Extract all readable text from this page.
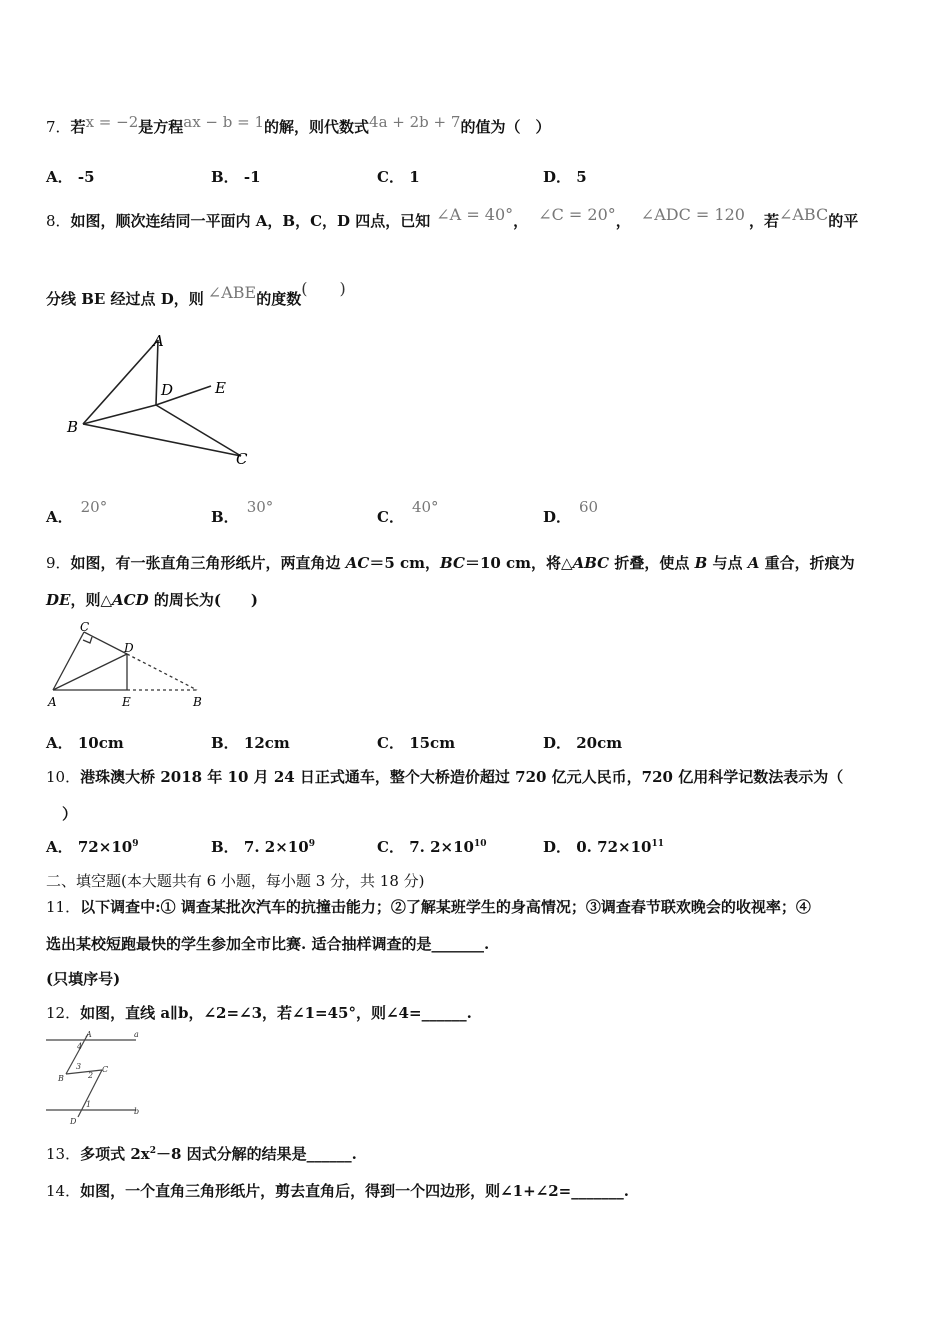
7．若x = −2是方程ax − b = 1的解，则代数式4a + 2b + 7的值为（　）
A． -5	B． -1	C． 1	D． 5
8．如图，顺次连结同一平面内 A，B，C，D 四点，已知 ∠A = 40°， ∠C = 20°， ∠ADC = 120 ，若∠ABC的平
分线 BE 经过点 D，则 ∠ABE的度数(　　)
A
B
C
D	E
A．20°
B．30°
C．40°
D．60
9．如图，有一张直角三角形纸片，两直角边 AC＝5 cm，BC＝10 cm，将△ABC 折叠，使点 B 与点 A 重合，折痕为
DE，则△ACD 的周长为(　　)
C
D
A	E	B
A． 10cm	B． 12cm	C． 15cm	D． 20cm
10．港珠澳大桥 2018 年 10 月 24 日正式通车，整个大桥造价超过 720 亿元人民币，720 亿用科学记数法表示为（
）
A． $72\times 10^9$	B． 7. $2\times 10^9$	C． 7. $2\times 10^{10}$	D． 0. $72\times 10^{11}$
二、填空题(本大题共有 6 小题，每小题 3 分，共 18 分)
11．以下调查中:① 调查某批次汽车的抗撞击能力；②了解某班学生的身高情况；③调查春节联欢晚会的收视率；④
选出某校短跑最快的学生参加全市比赛. 适合抽样调查的是_______.
(只填序号)
12．如图，直线 a∥b，∠2=∠3，若∠1=45°，则∠4=______.
A	a
4
3
B	2
C
1
D
b
13．多项式 $2x^2-8$ 因式分解的结果是______.
14．如图，一个直角三角形纸片，剪去直角后，得到一个四边形，则∠1+∠2=_______.
